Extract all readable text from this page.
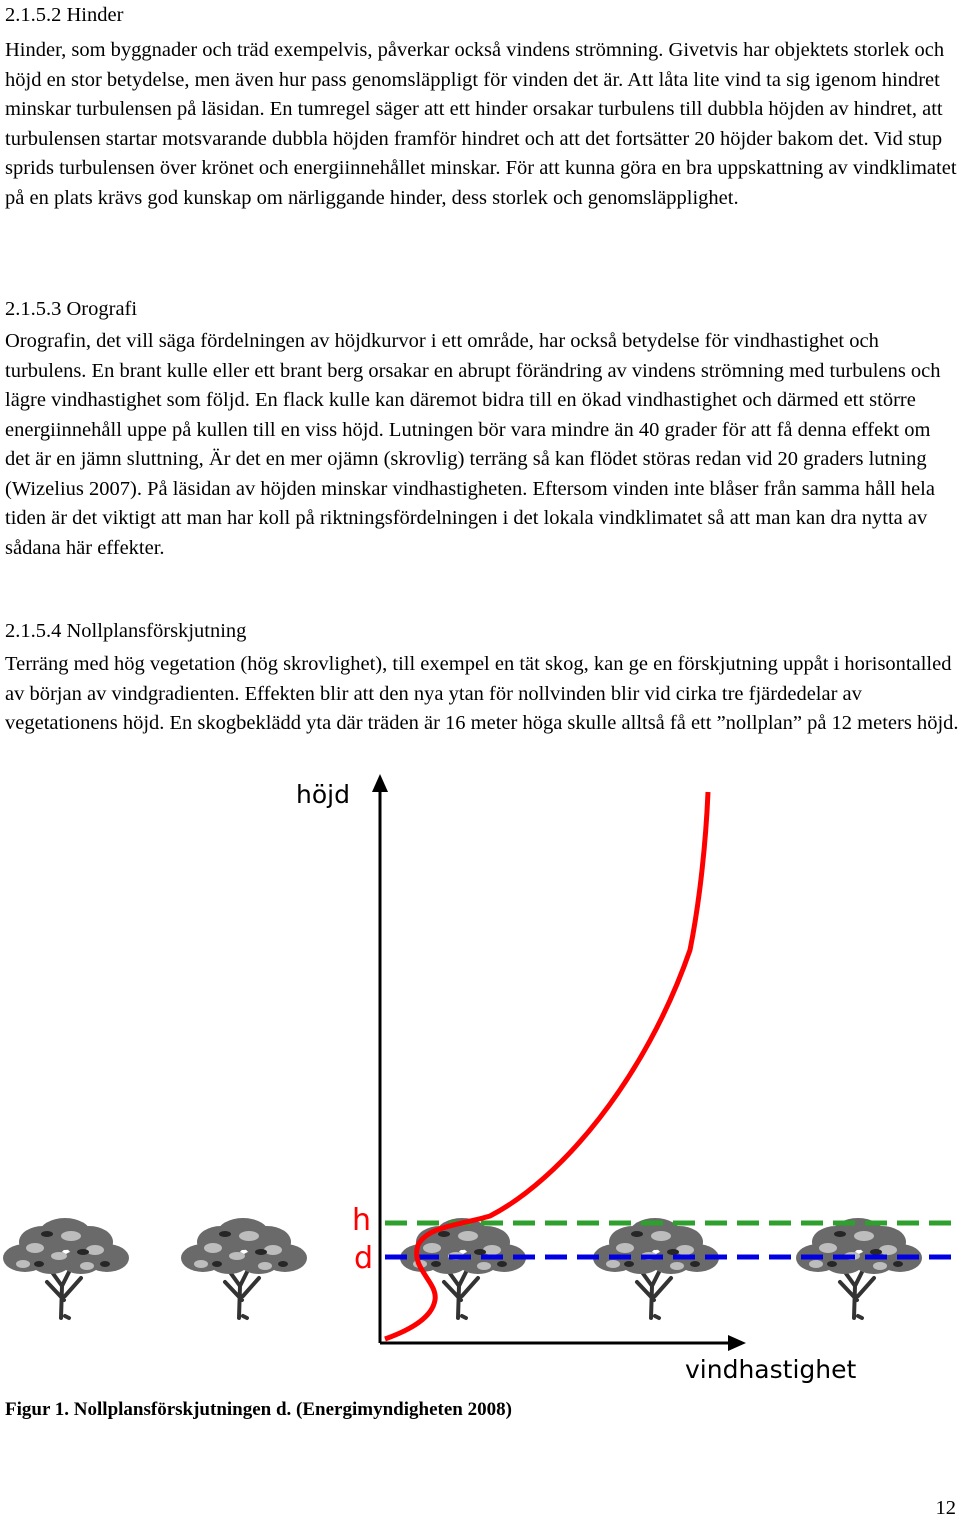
2.1.5.2 Hinder

Hinder, som byggnader och träd exempelvis, påverkar också vindens strömning. Givetvis har objektets storlek och höjd en stor betydelse, men även hur pass genomsläppligt för vinden det är. Att låta lite vind ta sig igenom hindret minskar turbulensen på läsidan. En tumregel säger att ett hinder orsakar turbulens till dubbla höjden av hindret, att turbulensen startar motsvarande dubbla höjden framför hindret och att det fortsätter 20 höjder bakom det. Vid stup sprids turbulensen över krönet och energiinnehållet minskar. För att kunna göra en bra uppskattning av vindklimatet på en plats krävs god kunskap om närliggande hinder, dess storlek och genomsläpplighet.

2.1.5.3 Orografi

Orografin, det vill säga fördelningen av höjdkurvor i ett område, har också betydelse för vindhastighet och turbulens. En brant kulle eller ett brant berg orsakar en abrupt förändring av vindens strömning med turbulens och lägre vindhastighet som följd. En flack kulle kan däremot bidra till en ökad vindhastighet och därmed ett större energiinnehåll uppe på kullen till en viss höjd. Lutningen bör vara mindre än 40 grader för att få denna effekt om det är en jämn sluttning, Är det en mer ojämn (skrovlig) terräng så kan flödet störas redan vid 20 graders lutning (Wizelius 2007). På läsidan av höjden minskar vindhastigheten. Eftersom vinden inte blåser från samma håll hela tiden är det viktigt att man har koll på riktningsfördelningen i det lokala vindklimatet så att man kan dra nytta av sådana här effekter.

2.1.5.4 Nollplansförskjutning

Terräng med hög vegetation (hög skrovlighet), till exempel en tät skog, kan ge en förskjutning uppåt i horisontalled av början av vindgradienten. Effekten blir att den nya ytan för nollvinden blir vid cirka tre fjärdedelar av vegetationens höjd. En skogbeklädd yta där träden är 16 meter höga skulle alltså få ett ”nollplan” på 12 meters höjd.

höjd
vindhastighet
h
d
Figur 1. Nollplansförskjutningen d. (Energimyndigheten 2008)
12
